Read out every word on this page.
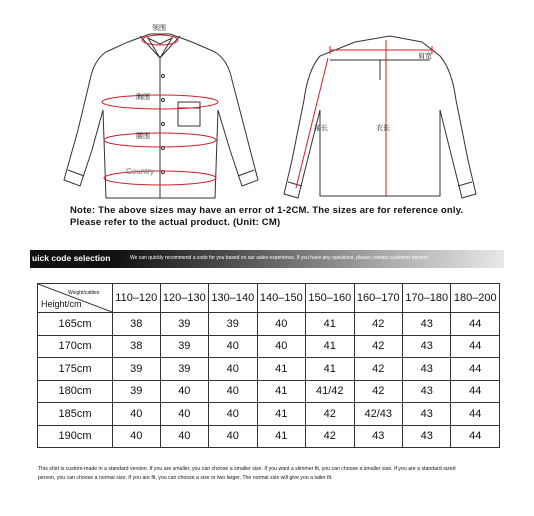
领围
胸围
腰围
Country
肩宽
袖长	衣长
Note: The above sizes may have an error of 1-2CM. The sizes are for reference only.
Please refer to the actual product. (Unit: CM)
uick code selection	We can quickly recommend a code for you based on our sales experience. If you have any questions, please contact customer service!
Weight/catties
Height/cm	110–120	120–130	130–140	140–150	150–160	160–170	170–180	180–200
165cm	38	39	39	40	41	42	43	44
170cm	38	39	40	40	41	42	43	44
175cm	39	39	40	41	41	42	43	44
180cm	39	40	40	41	41/42	42	43	44
185cm	40	40	40	41	42	42/43	43	44
190cm	40	40	40	41	42	43	43	44
This shirt is custom-made in a standard version. If you are smaller, you can choose a smaller size. If you want a slimmer fit, you can choose a smaller size. If you are a standard-sized
person, you can choose a normal size. If you are fit, you can choose a size or two larger. The normal size will give you a tailer fit.
